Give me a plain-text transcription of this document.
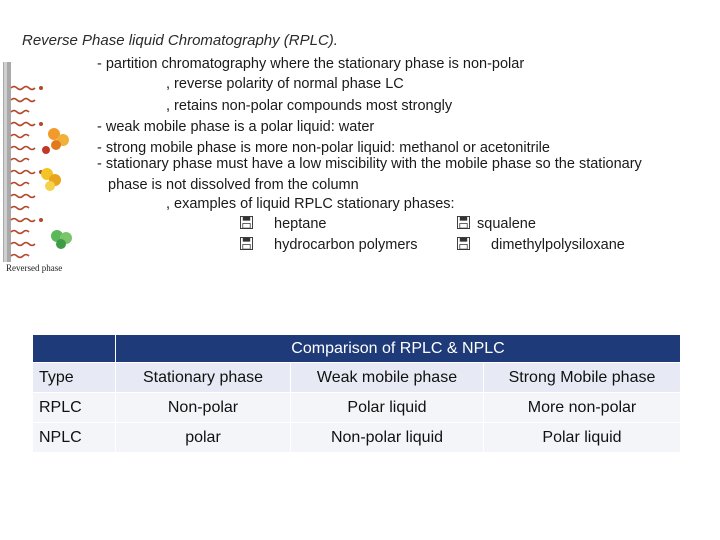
Reverse Phase liquid Chromatography (RPLC).
- partition chromatography where the stationary phase is non-polar
, reverse polarity of normal phase LC
, retains non-polar compounds most strongly
- weak mobile phase is a polar liquid: water
- strong mobile phase is more non-polar liquid: methanol or acetonitrile
- stationary phase must have a low miscibility with the mobile phase so the stationary
phase is not dissolved from the column
, examples of liquid RPLC stationary phases:
heptane	squalene
hydrocarbon polymers	dimethylpolysiloxane
Reversed phase
	Comparison of RPLC & NPLC		
Type	Stationary phase	Weak mobile phase	Strong Mobile phase
RPLC	Non-polar	Polar liquid	More non-polar
NPLC	polar	Non-polar liquid	Polar liquid
